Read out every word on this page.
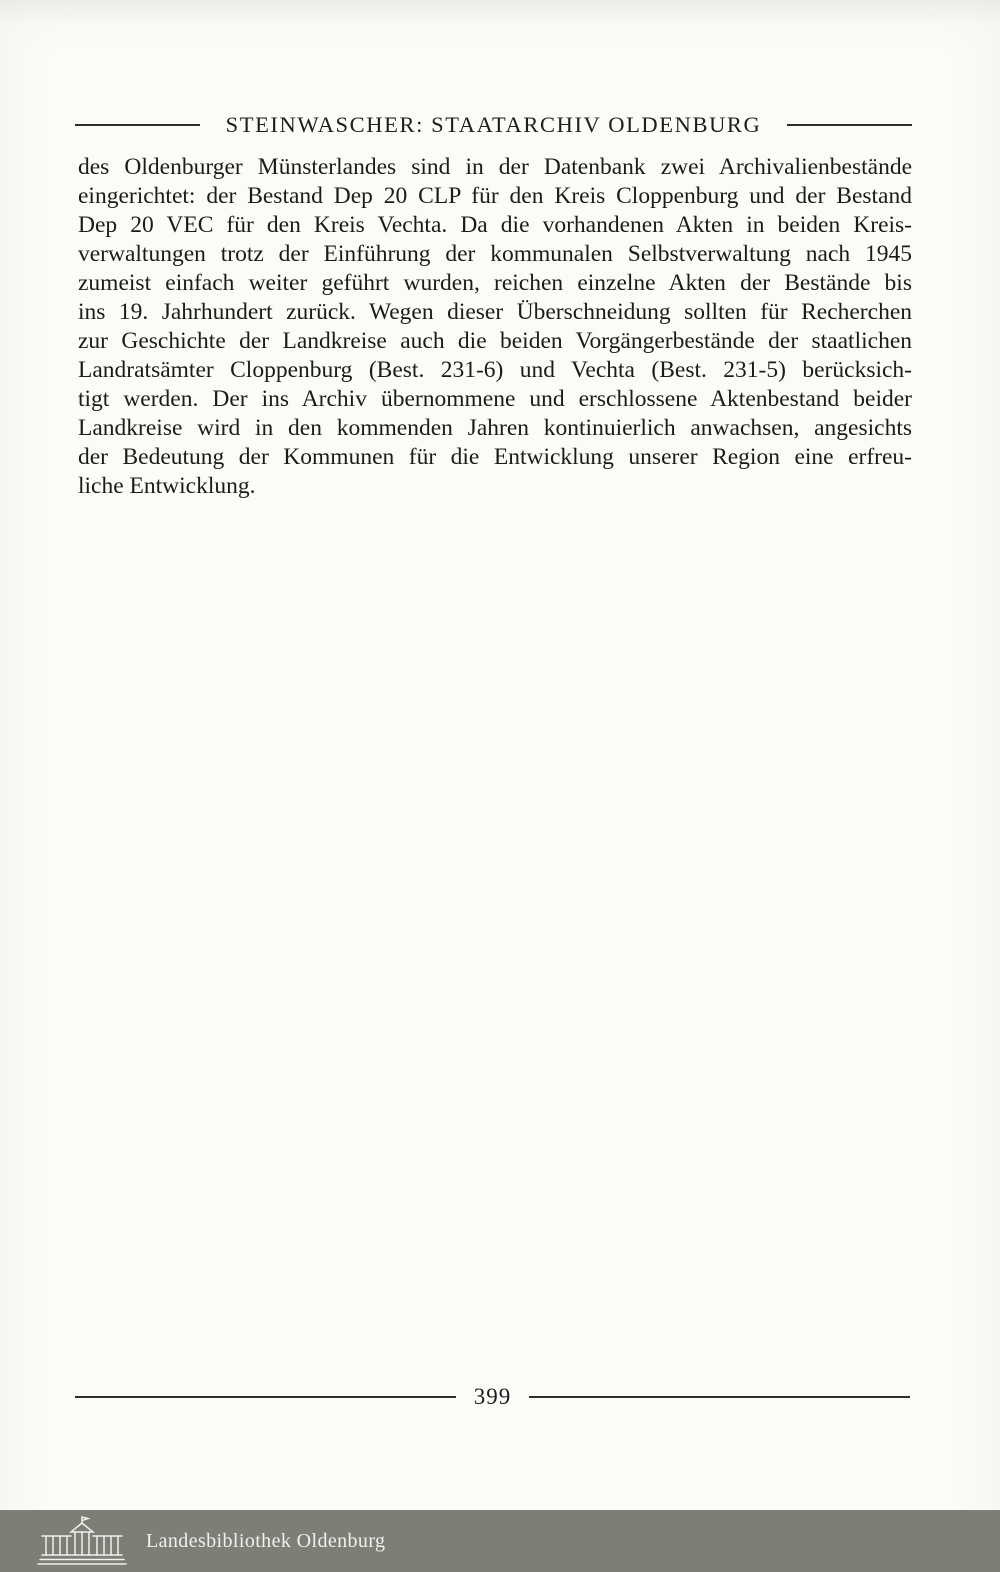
STEINWASCHER: STAATARCHIV OLDENBURG
des Oldenburger Münsterlandes sind in der Datenbank zwei Archivalienbestände
eingerichtet: der Bestand Dep 20 CLP für den Kreis Cloppenburg und der Bestand
Dep 20 VEC für den Kreis Vechta. Da die vorhandenen Akten in beiden Kreis-
verwaltungen trotz der Einführung der kommunalen Selbstverwaltung nach 1945
zumeist einfach weiter geführt wurden, reichen einzelne Akten der Bestände bis
ins 19. Jahrhundert zurück. Wegen dieser Überschneidung sollten für Recherchen
zur Geschichte der Landkreise auch die beiden Vorgängerbestände der staatlichen
Landratsämter Cloppenburg (Best. 231-6) und Vechta (Best. 231-5) berücksich-
tigt werden. Der ins Archiv übernommene und erschlossene Aktenbestand beider
Landkreise wird in den kommenden Jahren kontinuierlich anwachsen, angesichts
der Bedeutung der Kommunen für die Entwicklung unserer Region eine erfreu-
liche Entwicklung.
399
Landesbibliothek Oldenburg
